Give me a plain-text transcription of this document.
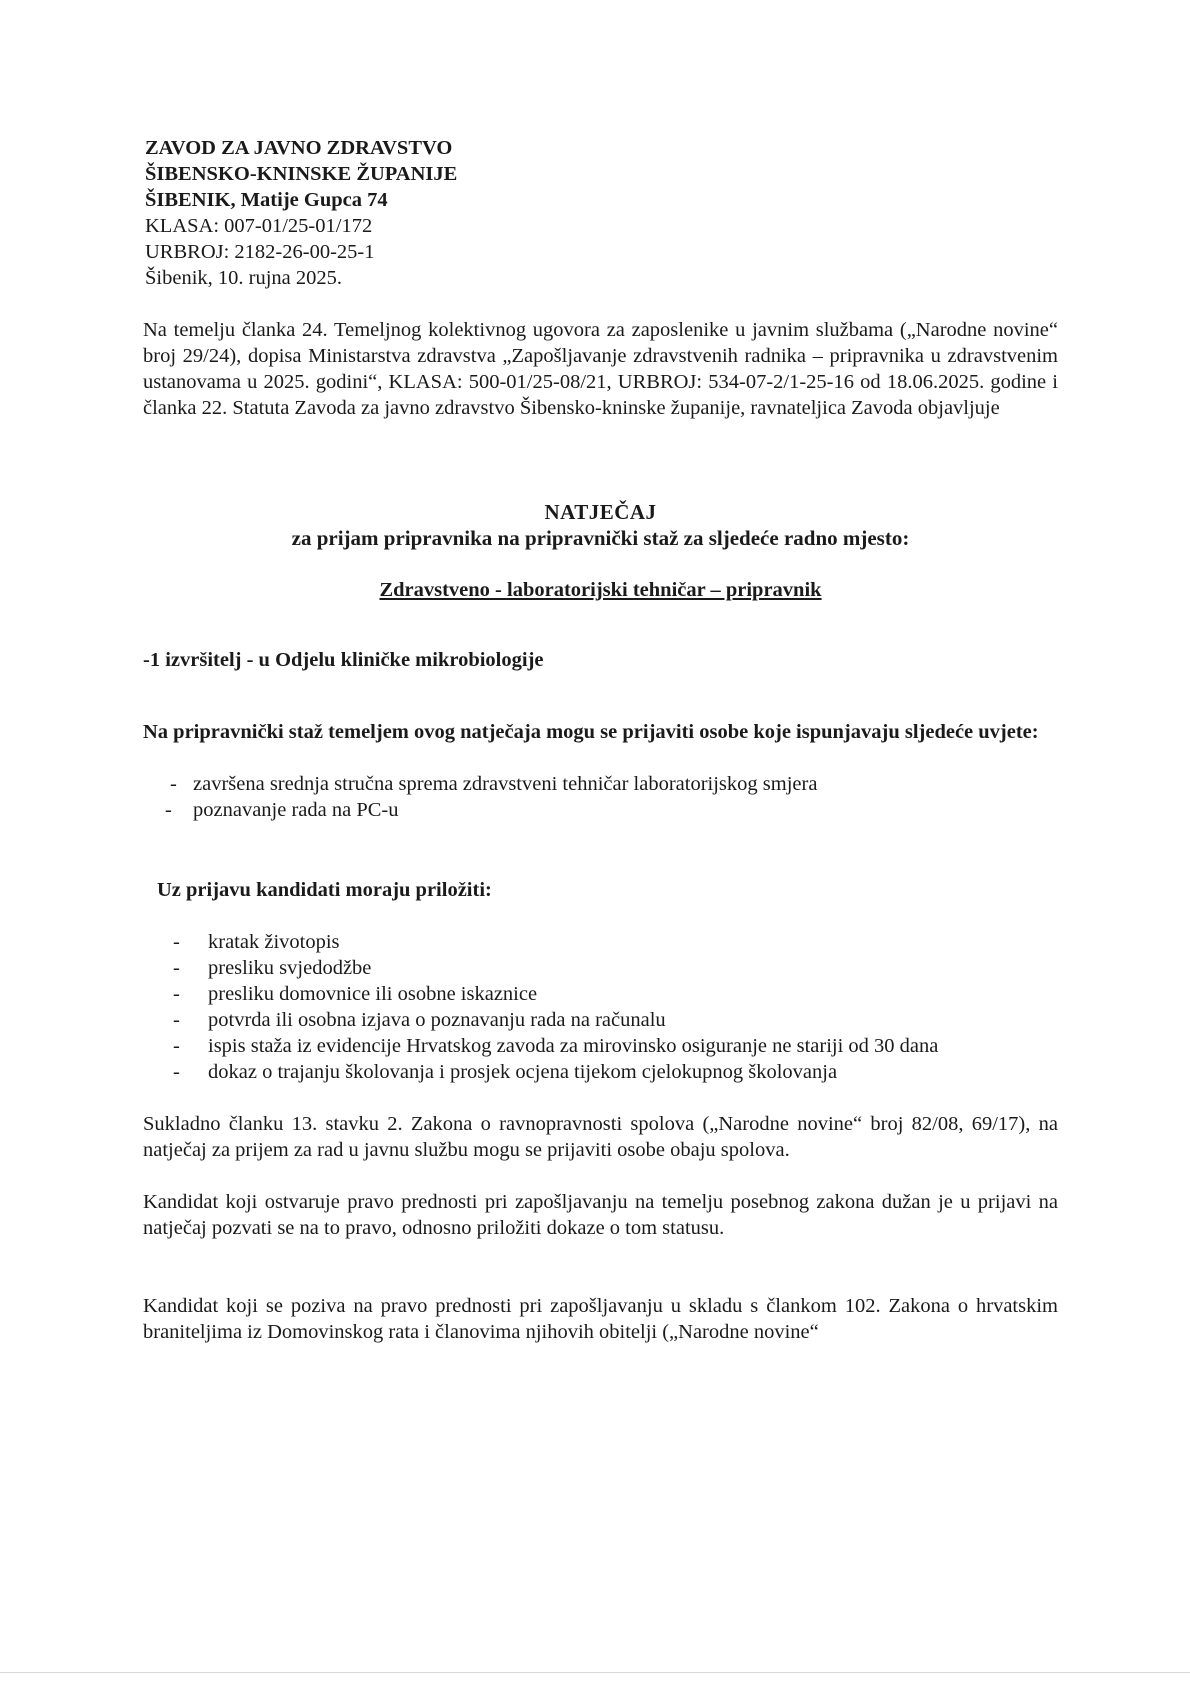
ZAVOD ZA JAVNO ZDRAVSTVO
ŠIBENSKO-KNINSKE ŽUPANIJE
ŠIBENIK, Matije Gupca 74
KLASA: 007-01/25-01/172
URBROJ: 2182-26-00-25-1
Šibenik, 10. rujna 2025.
Na temelju članka 24. Temeljnog kolektivnog ugovora za zaposlenike u javnim službama („Narodne novine“ broj 29/24), dopisa Ministarstva zdravstva „Zapošljavanje zdravstvenih radnika – pripravnika u zdravstvenim ustanovama u 2025. godini“, KLASA: 500-01/25-08/21, URBROJ: 534-07-2/1-25-16 od 18.06.2025. godine i članka 22. Statuta Zavoda za javno zdravstvo Šibensko-kninske županije, ravnateljica Zavoda objavljuje
NATJEČAJ
za prijam pripravnika na pripravnički staž za sljedeće radno mjesto:
Zdravstveno - laboratorijski tehničar – pripravnik
-1 izvršitelj - u Odjelu kliničke mikrobiologije
Na pripravnički staž temeljem ovog natječaja mogu se prijaviti osobe koje ispunjavaju sljedeće uvjete:
- završena srednja stručna sprema zdravstveni tehničar laboratorijskog smjera
- poznavanje rada na PC-u
Uz prijavu kandidati moraju priložiti:
- kratak životopis
- presliku svjedodžbe
- presliku domovnice ili osobne iskaznice
- potvrda ili osobna izjava o poznavanju rada na računalu
- ispis staža iz evidencije Hrvatskog zavoda za mirovinsko osiguranje ne stariji od 30 dana
- dokaz o trajanju školovanja i prosjek ocjena tijekom cjelokupnog školovanja
Sukladno članku 13. stavku 2. Zakona o ravnopravnosti spolova („Narodne novine“ broj 82/08, 69/17), na natječaj za prijem za rad u javnu službu mogu se prijaviti osobe obaju spolova.
Kandidat koji ostvaruje pravo prednosti pri zapošljavanju na temelju posebnog zakona dužan je u prijavi na natječaj pozvati se na to pravo, odnosno priložiti dokaze o tom statusu.
Kandidat koji se poziva na pravo prednosti pri zapošljavanju u skladu s člankom 102. Zakona o hrvatskim braniteljima iz Domovinskog rata i članovima njihovih obitelji („Narodne novine“
